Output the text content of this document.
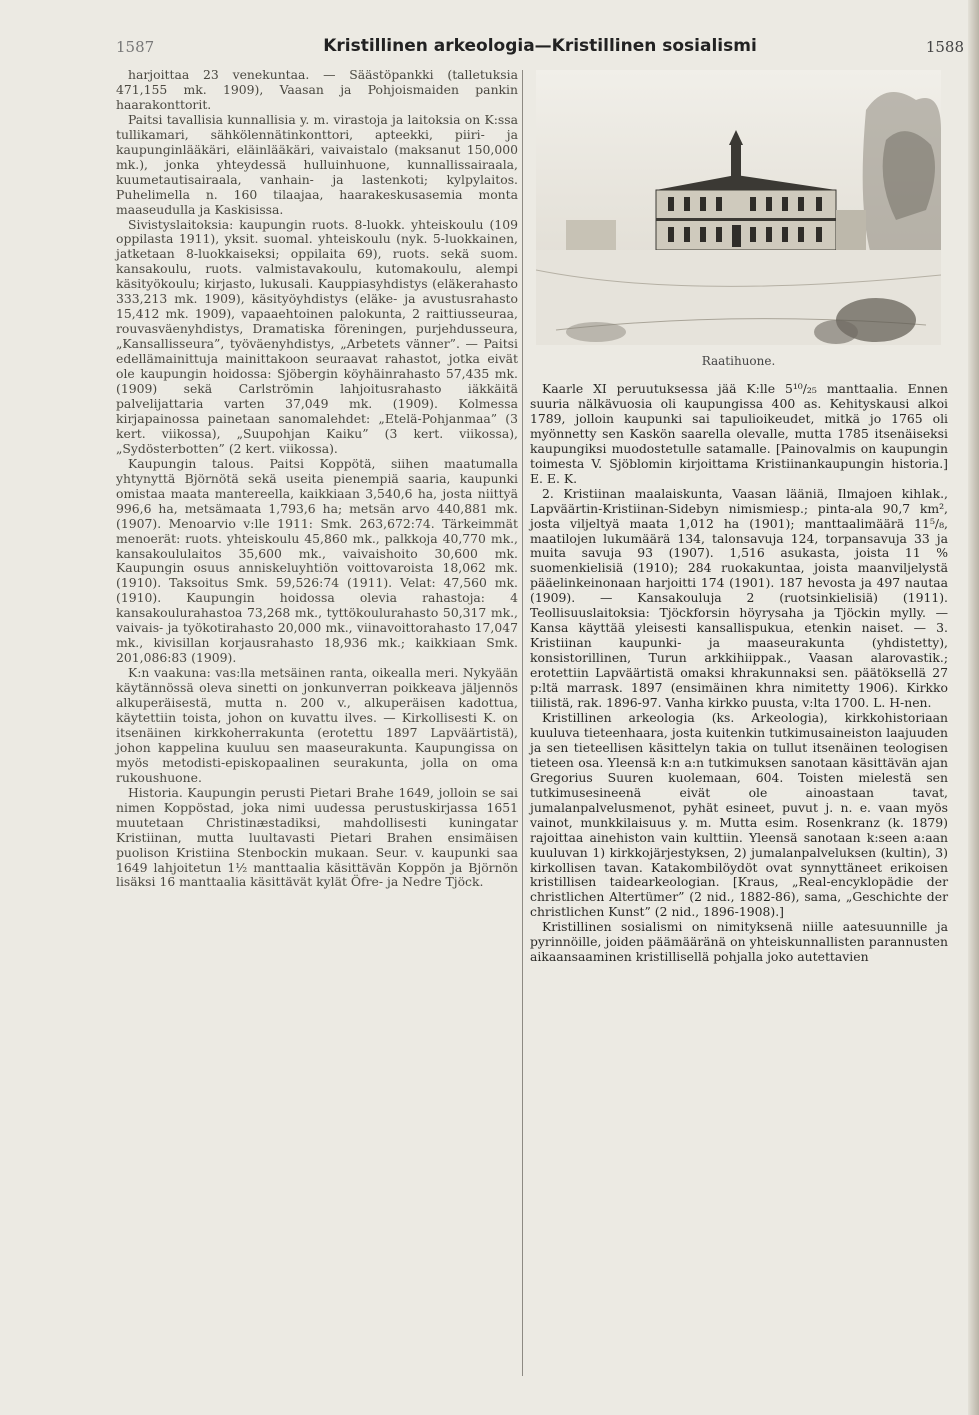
1587	Kristillinen arkeologia—Kristillinen sosialismi	1588

harjoittaa 23 venekuntaa. — Säästöpankki (talletuksia 471,155 mk. 1909), Vaasan ja Pohjoismaiden pankin haarakonttorit.

Paitsi tavallisia kunnallisia y. m. virastoja ja laitoksia on K:ssa tullikamari, sähkölennätinkonttori, apteekki, piiri- ja kaupunginlääkäri, eläinlääkäri, vaivaistalo (maksanut 150,000 mk.), jonka yhteydessä hulluinhuone, kunnallissairaala, kuumetautisairaala, vanhain- ja lastenkoti; kylpylaitos. Puhelimella n. 160 tilaajaa, haarakeskusasemia monta maaseudulla ja Kaskisissa.

Sivistyslaitoksia: kaupungin ruots. 8-luokk. yhteiskoulu (109 oppilasta 1911), yksit. suomal. yhteiskoulu (nyk. 5-luokkainen, jatketaan 8-luokkaiseksi; oppilaita 69), ruots. sekä suom. kansakoulu, ruots. valmistavakoulu, kutomakoulu, alempi käsityökoulu; kirjasto, lukusali. Kauppiasyhdistys (eläkerahasto 333,213 mk. 1909), käsityöyhdistys (eläke- ja avustusrahasto 15,412 mk. 1909), vapaaehtoinen palokunta, 2 raittiusseuraa, rouvasväenyhdistys, Dramatiska föreningen, purjehdusseura, „Kansallisseura”, työväenyhdistys, „Arbetets vänner”. — Paitsi edellämainittuja mainittakoon seuraavat rahastot, jotka eivät ole kaupungin hoidossa: Sjöbergin köyhäinrahasto 57,435 mk. (1909) sekä Carlströmin lahjoitusrahasto iäkkäitä palvelijattaria varten 37,049 mk. (1909). Kolmessa kirjapainossa painetaan sanomalehdet: „Etelä-Pohjanmaa” (3 kert. viikossa), „Suupohjan Kaiku” (3 kert. viikossa), „Sydösterbotten” (2 kert. viikossa).

Kaupungin talous. Paitsi Koppötä, siihen maatumalla yhtynyttä Björnötä sekä useita pienempiä saaria, kaupunki omistaa maata mantereella, kaikkiaan 3,540,6 ha, josta niittyä 996,6 ha, metsämaata 1,793,6 ha; metsän arvo 440,881 mk. (1907). Menoarvio v:lle 1911: Smk. 263,672:74. Tärkeimmät menoerät: ruots. yhteiskoulu 45,860 mk., palkkoja 40,770 mk., kansakoululaitos 35,600 mk., vaivaishoito 30,600 mk. Kaupungin osuus anniskeluyhtiön voittovaroista 18,062 mk. (1910). Taksoitus Smk. 59,526:74 (1911). Velat: 47,560 mk. (1910). Kaupungin hoidossa olevia rahastoja: 4 kansakoulurahastoa 73,268 mk., tyttökoulurahasto 50,317 mk., vaivais- ja työkotirahasto 20,000 mk., viinavoittorahasto 17,047 mk., kivisillan korjausrahasto 18,936 mk.; kaikkiaan Smk. 201,086:83 (1909).

K:n vaakuna: vas:lla metsäinen ranta, oikealla meri. Nykyään käytännössä oleva sinetti on jonkunverran poikkeava jäljennös alkuperäisestä, mutta n. 200 v., alkuperäisen kadottua, käytettiin toista, johon on kuvattu ilves. — Kirkollisesti K. on itsenäinen kirkkoherrakunta (erotettu 1897 Lapväärtistä), johon kappelina kuuluu sen maaseurakunta. Kaupungissa on myös metodisti-episkopaalinen seurakunta, jolla on oma rukoushuone.

Historia. Kaupungin perusti Pietari Brahe 1649, jolloin se sai nimen Koppöstad, joka nimi uudessa perustuskirjassa 1651 muutetaan Christinæstadiksi, mahdollisesti kuningatar Kristiinan, mutta luultavasti Pietari Brahen ensimäisen puolison Kristiina Stenbockin mukaan. Seur. v. kaupunki saa 1649 lahjoitetun 1½ manttaalia käsittävän Koppön ja Björnön lisäksi 16 manttaalia käsittävät kylät Öfre- ja Nedre Tjöck.

Raatihuone.

Kaarle XI peruutuksessa jää K:lle 5¹⁰/₂₅ manttaalia. Ennen suuria nälkävuosia oli kaupungissa 400 as. Kehityskausi alkoi 1789, jolloin kaupunki sai tapulioikeudet, mitkä jo 1765 oli myönnetty sen Kaskön saarella olevalle, mutta 1785 itsenäiseksi kaupungiksi muodostetulle satamalle. [Painovalmis on kaupungin toimesta V. Sjöblomin kirjoittama Kristiinankaupungin historia.] E. E. K.

2. Kristiinan maalaiskunta, Vaasan lääniä, Ilmajoen kihlak., Lapväärtin-Kristiinan-Sidebyn nimismiesp.; pinta-ala 90,7 km², josta viljeltyä maata 1,012 ha (1901); manttaalimäärä 11⁵/₈, maatilojen lukumäärä 134, talonsavuja 124, torpansavuja 33 ja muita savuja 93 (1907). 1,516 asukasta, joista 11 % suomenkielisiä (1910); 284 ruokakuntaa, joista maanviljelystä pääelinkeinonaan harjoitti 174 (1901). 187 hevosta ja 497 nautaa (1909). — Kansakouluja 2 (ruotsinkielisiä) (1911). Teollisuuslaitoksia: Tjöckforsin höyrysaha ja Tjöckin mylly. — Kansa käyttää yleisesti kansallispukua, etenkin naiset. — 3. Kristiinan kaupunki- ja maaseurakunta (yhdistetty), konsistorillinen, Turun arkkihiippak., Vaasan alarovastik.; erotettiin Lapväärtistä omaksi khrakunnaksi sen. päätöksellä 27 p:ltä marrask. 1897 (ensimäinen khra nimitetty 1906). Kirkko tiilistä, rak. 1896-97. Vanha kirkko puusta, v:lta 1700. L. H-nen.

Kristillinen arkeologia (ks. Arkeologia), kirkkohistoriaan kuuluva tieteenhaara, josta kuitenkin tutkimusaineiston laajuuden ja sen tieteellisen käsittelyn takia on tullut itsenäinen teologisen tieteen osa. Yleensä k:n a:n tutkimuksen sanotaan käsittävän ajan Gregorius Suuren kuolemaan, 604. Toisten mielestä sen tutkimusesineenä eivät ole ainoastaan tavat, jumalanpalvelusmenot, pyhät esineet, puvut j. n. e. vaan myös vainot, munkkilaisuus y. m. Mutta esim. Rosenkranz (k. 1879) rajoittaa ainehiston vain kulttiin. Yleensä sanotaan k:seen a:aan kuuluvan 1) kirkkojärjestyksen, 2) jumalanpalveluksen (kultin), 3) kirkollisen tavan. Katakombilöydöt ovat synnyttäneet erikoisen kristillisen taidearkeologian. [Kraus, „Real-encyklopädie der christlichen Altertümer” (2 nid., 1882-86), sama, „Geschichte der christlichen Kunst” (2 nid., 1896-1908).]

Kristillinen sosialismi on nimityksenä niille aatesuunnille ja pyrinnöille, joiden päämääränä on yhteiskunnallisten parannusten aikaansaaminen kristillisellä pohjalla joko autettavien
